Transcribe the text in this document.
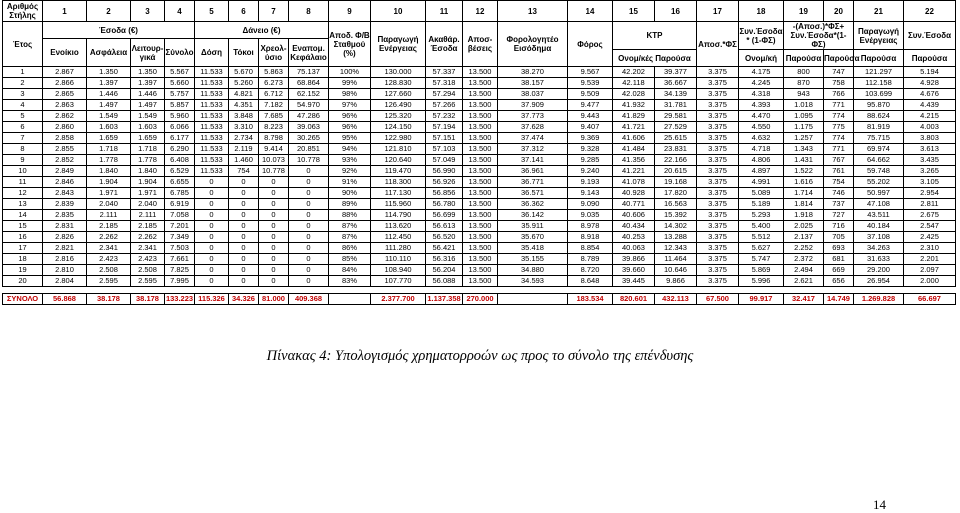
Αριθμός Στήλης	1	2	3	4	5	6	7	8	9	10	11	12	13	14	15	16	17	18	19	20	21	22
Έτος	Έσοδα (€)				Δάνειο (€)				Αποδ. Φ/Β Σταθμού (%)	Παραγωγή Ενέργειας	Ακαθάρ. Έσοδα	Αποσ-βέσεις	Φορολογητέο Εισόδημα	Φόρος	ΚΤΡ		Αποσ.*ΦΣ	Συν.Έσοδα * (1-ΦΣ)	-(Αποσ.)*ΦΣ+ Συν.Έσοδα*(1-ΦΣ)		Παραγωγή Ενέργειας	Συν.Έσοδα
	Ενοίκιο	Ασφάλεια	Λειτουρ-γικά	Σύνολο	Δόση	Τόκοι	Χρεολ-ύσιο	Εναπομ. Κεφάλαιο														
															Ονομ/κές Παρούσα			Ονομ/κή	Παρούσα	Παρούσα	Παρούσα	Παρούσα
1	2.867	1.350	1.350	5.567	11.533	5.670	5.863	75.137	100%	130.000	57.337	13.500	38.270	9.567	42.202	39.377	3.375	4.175	800	747	121.297	5.194
2	2.866	1.397	1.397	5.660	11.533	5.260	6.273	68.864	99%	128.830	57.318	13.500	38.157	9.539	42.118	36.667	3.375	4.245	870	758	112.158	4.928
3	2.865	1.446	1.446	5.757	11.533	4.821	6.712	62.152	98%	127.660	57.294	13.500	38.037	9.509	42.028	34.139	3.375	4.318	943	766	103.699	4.676
4	2.863	1.497	1.497	5.857	11.533	4.351	7.182	54.970	97%	126.490	57.266	13.500	37.909	9.477	41.932	31.781	3.375	4.393	1.018	771	95.870	4.439
5	2.862	1.549	1.549	5.960	11.533	3.848	7.685	47.286	96%	125.320	57.232	13.500	37.773	9.443	41.829	29.581	3.375	4.470	1.095	774	88.624	4.215
6	2.860	1.603	1.603	6.066	11.533	3.310	8.223	39.063	96%	124.150	57.194	13.500	37.628	9.407	41.721	27.529	3.375	4.550	1.175	775	81.919	4.003
7	2.858	1.659	1.659	6.177	11.533	2.734	8.798	30.265	95%	122.980	57.151	13.500	37.474	9.369	41.606	25.615	3.375	4.632	1.257	774	75.715	3.803
8	2.855	1.718	1.718	6.290	11.533	2.119	9.414	20.851	94%	121.810	57.103	13.500	37.312	9.328	41.484	23.831	3.375	4.718	1.343	771	69.974	3.613
9	2.852	1.778	1.778	6.408	11.533	1.460	10.073	10.778	93%	120.640	57.049	13.500	37.141	9.285	41.356	22.166	3.375	4.806	1.431	767	64.662	3.435
10	2.849	1.840	1.840	6.529	11.533	754	10.778	0	92%	119.470	56.990	13.500	36.961	9.240	41.221	20.615	3.375	4.897	1.522	761	59.748	3.265
11	2.846	1.904	1.904	6.655	0	0	0	0	91%	118.300	56.926	13.500	36.771	9.193	41.078	19.168	3.375	4.991	1.616	754	55.202	3.105
12	2.843	1.971	1.971	6.785	0	0	0	0	90%	117.130	56.856	13.500	36.571	9.143	40.928	17.820	3.375	5.089	1.714	746	50.997	2.954
13	2.839	2.040	2.040	6.919	0	0	0	0	89%	115.960	56.780	13.500	36.362	9.090	40.771	16.563	3.375	5.189	1.814	737	47.108	2.811
14	2.835	2.111	2.111	7.058	0	0	0	0	88%	114.790	56.699	13.500	36.142	9.035	40.606	15.392	3.375	5.293	1.918	727	43.511	2.675
15	2.831	2.185	2.185	7.201	0	0	0	0	87%	113.620	56.613	13.500	35.911	8.978	40.434	14.302	3.375	5.400	2.025	716	40.184	2.547
16	2.826	2.262	2.262	7.349	0	0	0	0	87%	112.450	56.520	13.500	35.670	8.918	40.253	13.288	3.375	5.512	2.137	705	37.108	2.425
17	2.821	2.341	2.341	7.503	0	0	0	0	86%	111.280	56.421	13.500	35.418	8.854	40.063	12.343	3.375	5.627	2.252	693	34.263	2.310
18	2.816	2.423	2.423	7.661	0	0	0	0	85%	110.110	56.316	13.500	35.155	8.789	39.866	11.464	3.375	5.747	2.372	681	31.633	2.201
19	2.810	2.508	2.508	7.825	0	0	0	0	84%	108.940	56.204	13.500	34.880	8.720	39.660	10.646	3.375	5.869	2.494	669	29.200	2.097
20	2.804	2.595	2.595	7.995	0	0	0	0	83%	107.770	56.088	13.500	34.593	8.648	39.445	9.866	3.375	5.996	2.621	656	26.954	2.000

ΣΥΝΟΛΟ	56.868	38.178	38.178	133.223	115.326	34.326	81.000	409.368		2.377.700	1.137.358	270.000		183.534	820.601	432.113	67.500	99.917	32.417	14.749	1.269.828	66.697
Πίνακας 4: Υπολογισμός χρηματορροών ως προς το σύνολο της επένδυσης
14
